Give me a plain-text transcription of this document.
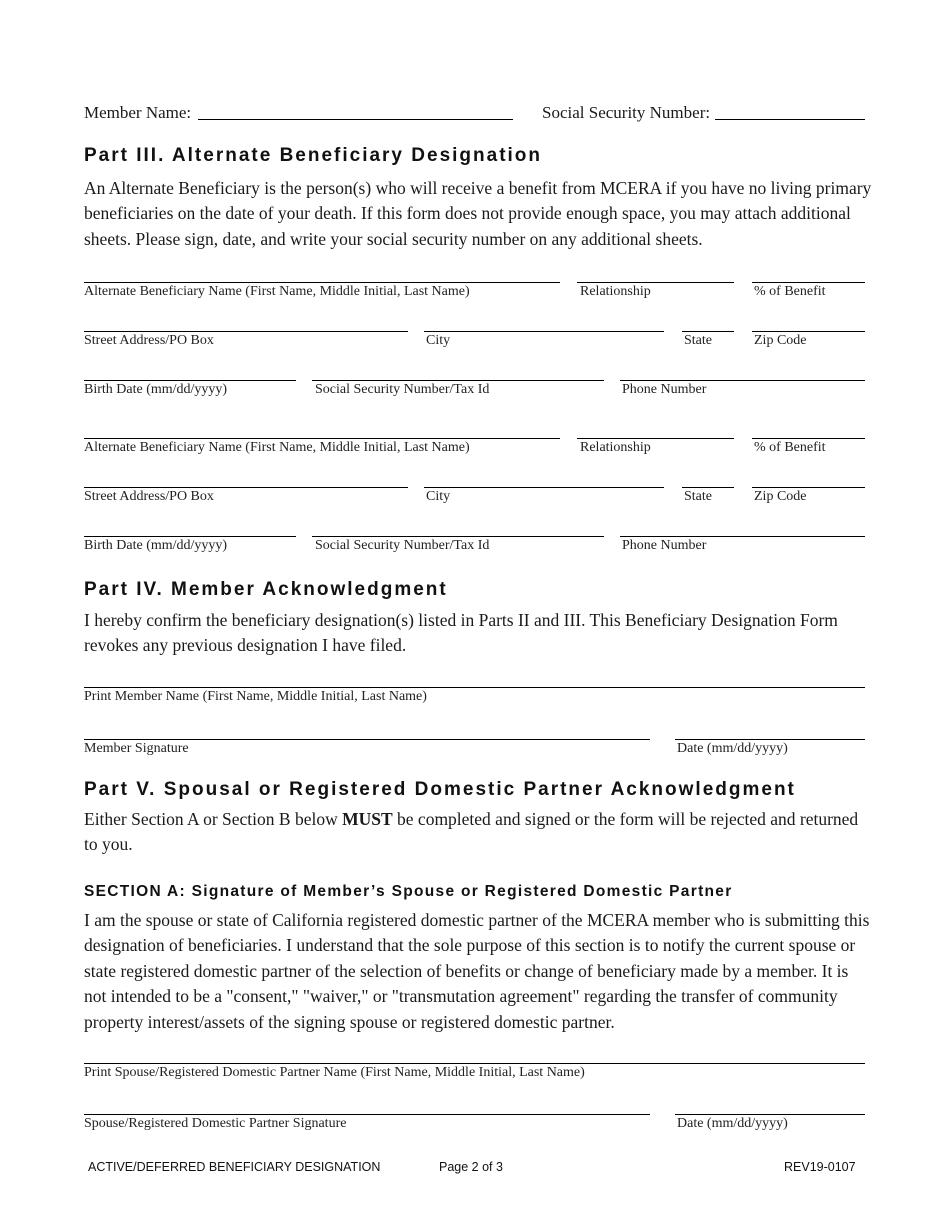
Member Name:	Social Security Number:
Part III. Alternate Beneficiary Designation

An Alternate Beneficiary is the person(s) who will receive a benefit from MCERA if you have no living primary beneficiaries on the date of your death. If this form does not provide enough space, you may attach additional sheets. Please sign, date, and write your social security number on any additional sheets.

Alternate Beneficiary Name (First Name, Middle Initial, Last Name)	Relationship	% of Benefit
Street Address/PO Box	City	State	Zip Code
Birth Date (mm/dd/yyyy)	Social Security Number/Tax Id	Phone Number
Alternate Beneficiary Name (First Name, Middle Initial, Last Name)	Relationship	% of Benefit
Street Address/PO Box	City	State	Zip Code
Birth Date (mm/dd/yyyy)	Social Security Number/Tax Id	Phone Number
Part IV. Member Acknowledgment

I hereby confirm the beneficiary designation(s) listed in Parts II and III. This Beneficiary Designation Form revokes any previous designation I have filed.

Print Member Name (First Name, Middle Initial, Last Name)
Member Signature	Date (mm/dd/yyyy)
Part V. Spousal or Registered Domestic Partner Acknowledgment

Either Section A or Section B below MUST be completed and signed or the form will be rejected and returned to you.

SECTION A: Signature of Member’s Spouse or Registered Domestic Partner

I am the spouse or state of California registered domestic partner of the MCERA member who is submitting this designation of beneficiaries. I understand that the sole purpose of this section is to notify the current spouse or state registered domestic partner of the selection of benefits or change of beneficiary made by a member. It is not intended to be a "consent," "waiver," or "transmutation agreement" regarding the transfer of community property interest/assets of the signing spouse or registered domestic partner.

Print Spouse/Registered Domestic Partner Name (First Name, Middle Initial, Last Name)
Spouse/Registered Domestic Partner Signature	Date (mm/dd/yyyy)
ACTIVE/DEFERRED BENEFICIARY DESIGNATION	Page 2 of 3	REV19-0107
